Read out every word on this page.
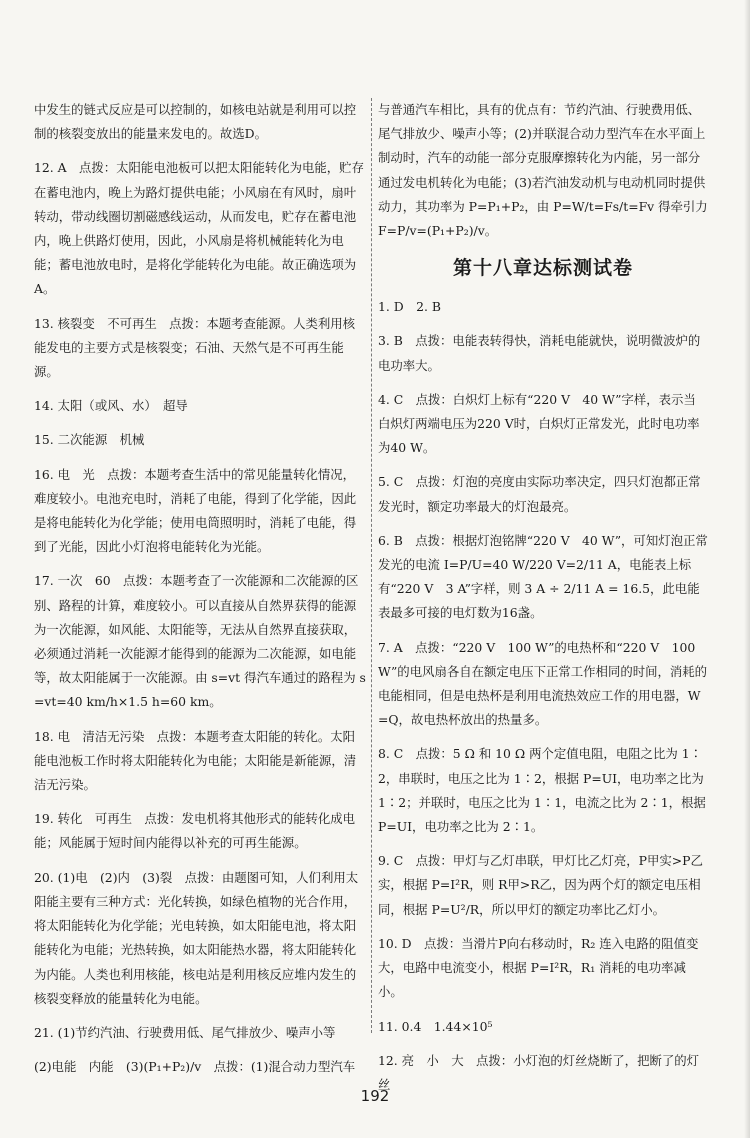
中发生的链式反应是可以控制的，如核电站就是利用可以控制的核裂变放出的能量来发电的。故选D。
12. A　点拨：太阳能电池板可以把太阳能转化为电能，贮存在蓄电池内，晚上为路灯提供电能；小风扇在有风时，扇叶转动，带动线圈切割磁感线运动，从而发电，贮存在蓄电池内，晚上供路灯使用，因此，小风扇是将机械能转化为电能；蓄电池放电时，是将化学能转化为电能。故正确选项为A。
13. 核裂变　不可再生　点拨：本题考查能源。人类利用核能发电的主要方式是核裂变；石油、天然气是不可再生能源。
14. 太阳（或风、水）　超导
15. 二次能源　机械
16. 电　光　点拨：本题考查生活中的常见能量转化情况，难度较小。电池充电时，消耗了电能，得到了化学能，因此是将电能转化为化学能；使用电筒照明时，消耗了电能，得到了光能，因此小灯泡将电能转化为光能。
17. 一次　60　点拨：本题考查了一次能源和二次能源的区别、路程的计算，难度较小。可以直接从自然界获得的能源为一次能源，如风能、太阳能等，无法从自然界直接获取，必须通过消耗一次能源才能得到的能源为二次能源，如电能等，故太阳能属于一次能源。由 s=vt 得汽车通过的路程为 s=vt=40 km/h×1.5 h=60 km。
18. 电　清洁无污染　点拨：本题考查太阳能的转化。太阳能电池板工作时将太阳能转化为电能；太阳能是新能源，清洁无污染。
19. 转化　可再生　点拨：发电机将其他形式的能转化成电能；风能属于短时间内能得以补充的可再生能源。
20. (1)电　(2)内　(3)裂　点拨：由题图可知，人们利用太阳能主要有三种方式：光化转换，如绿色植物的光合作用，将太阳能转化为化学能；光电转换，如太阳能电池，将太阳能转化为电能；光热转换，如太阳能热水器，将太阳能转化为内能。人类也利用核能，核电站是利用核反应堆内发生的核裂变释放的能量转化为电能。
21. (1)节约汽油、行驶费用低、尾气排放少、噪声小等
(2)电能　内能　(3)(P₁+P₂)/v　点拨：(1)混合动力型汽车
与普通汽车相比，具有的优点有：节约汽油、行驶费用低、尾气排放少、噪声小等；(2)并联混合动力型汽车在水平面上制动时，汽车的动能一部分克服摩擦转化为内能，另一部分通过发电机转化为电能；(3)若汽油发动机与电动机同时提供动力，其功率为 P=P₁+P₂，由 P=W/t=Fs/t=Fv 得牵引力 F=P/v=(P₁+P₂)/v。
第十八章达标测试卷
1. D　2. B
3. B　点拨：电能表转得快，消耗电能就快，说明微波炉的电功率大。
4. C　点拨：白炽灯上标有“220 V　40 W”字样，表示当白炽灯两端电压为220 V时，白炽灯正常发光，此时电功率为40 W。
5. C　点拨：灯泡的亮度由实际功率决定，四只灯泡都正常发光时，额定功率最大的灯泡最亮。
6. B　点拨：根据灯泡铭牌“220 V　40 W”，可知灯泡正常发光的电流 I=P/U=40 W/220 V=2/11 A，电能表上标有“220 V　3 A”字样，则 3 A ÷ 2/11 A = 16.5，此电能表最多可接的电灯数为16盏。
7. A　点拨：“220 V　100 W”的电热杯和“220 V　100 W”的电风扇各自在额定电压下正常工作相同的时间，消耗的电能相同，但是电热杯是利用电流热效应工作的用电器，W=Q，故电热杯放出的热量多。
8. C　点拨：5 Ω 和 10 Ω 两个定值电阻，电阻之比为 1∶2，串联时，电压之比为 1∶2，根据 P=UI，电功率之比为 1∶2；并联时，电压之比为 1∶1，电流之比为 2∶1，根据 P=UI，电功率之比为 2∶1。
9. C　点拨：甲灯与乙灯串联，甲灯比乙灯亮，P甲实>P乙实，根据 P=I²R，则 R甲>R乙，因为两个灯的额定电压相同，根据 P=U²/R，所以甲灯的额定功率比乙灯小。
10. D　点拨：当滑片P向右移动时，R₂ 连入电路的阻值变大，电路中电流变小，根据 P=I²R，R₁ 消耗的电功率减小。
11. 0.4　1.44×10⁵
12. 亮　小　大　点拨：小灯泡的灯丝烧断了，把断了的灯丝
192
